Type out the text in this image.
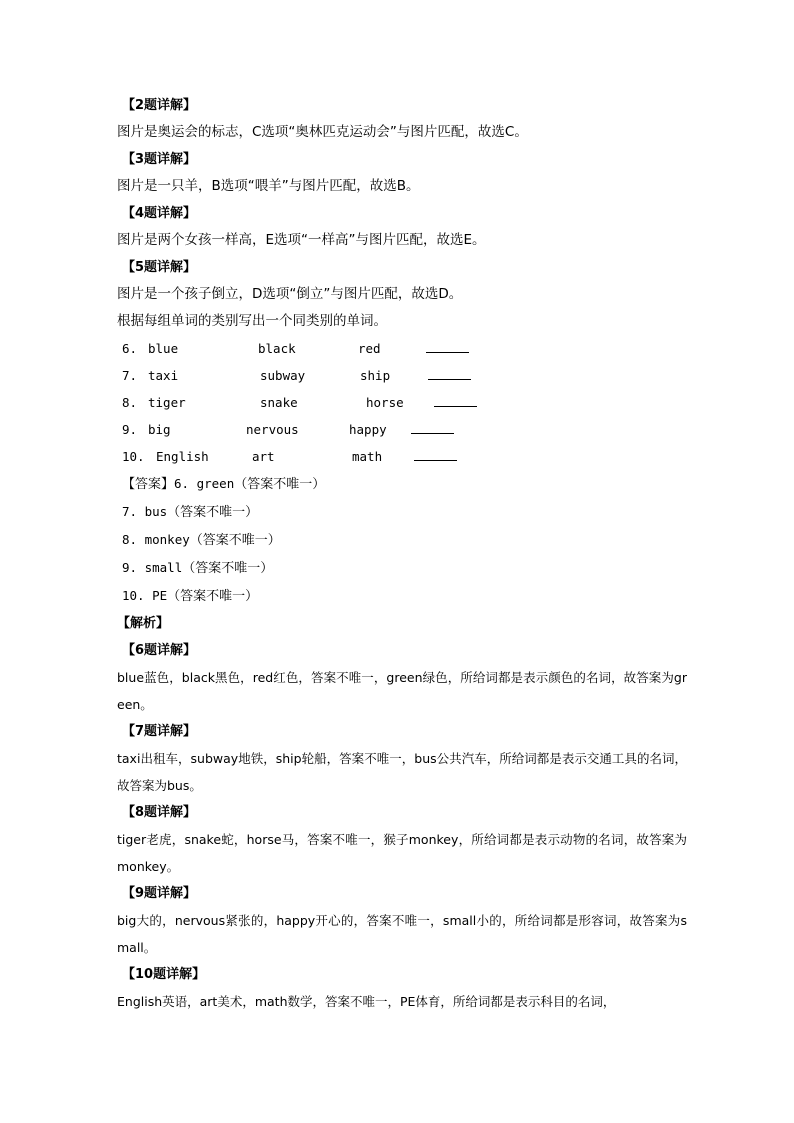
【2题详解】
图片是奥运会的标志，C选项“奥林匹克运动会”与图片匹配，故选C。
【3题详解】
图片是一只羊，B选项“喂羊”与图片匹配，故选B。
【4题详解】
图片是两个女孩一样高，E选项“一样高”与图片匹配，故选E。
【5题详解】
图片是一个孩子倒立，D选项“倒立”与图片匹配，故选D。
根据每组单词的类别写出一个同类别的单词。
6. blue	black	red
7. taxi	subway	ship
8. tiger	snake	horse
9. big	nervous	happy
10. English	art	math
【答案】6. green（答案不唯一）
7. bus（答案不唯一）
8. monkey（答案不唯一）
9. small（答案不唯一）
10. PE（答案不唯一）
【解析】
【6题详解】
blue蓝色，black黑色，red红色，答案不唯一，green绿色，所给词都是表示颜色的名词，故答案为green。
【7题详解】
taxi出租车，subway地铁，ship轮船，答案不唯一，bus公共汽车，所给词都是表示交通工具的名词，故答案为bus。
【8题详解】
tiger老虎，snake蛇，horse马，答案不唯一，猴子monkey，所给词都是表示动物的名词，故答案为monkey。
【9题详解】
big大的，nervous紧张的，happy开心的，答案不唯一，small小的，所给词都是形容词，故答案为small。
【10题详解】
English英语，art美术，math数学，答案不唯一，PE体育，所给词都是表示科目的名词，
